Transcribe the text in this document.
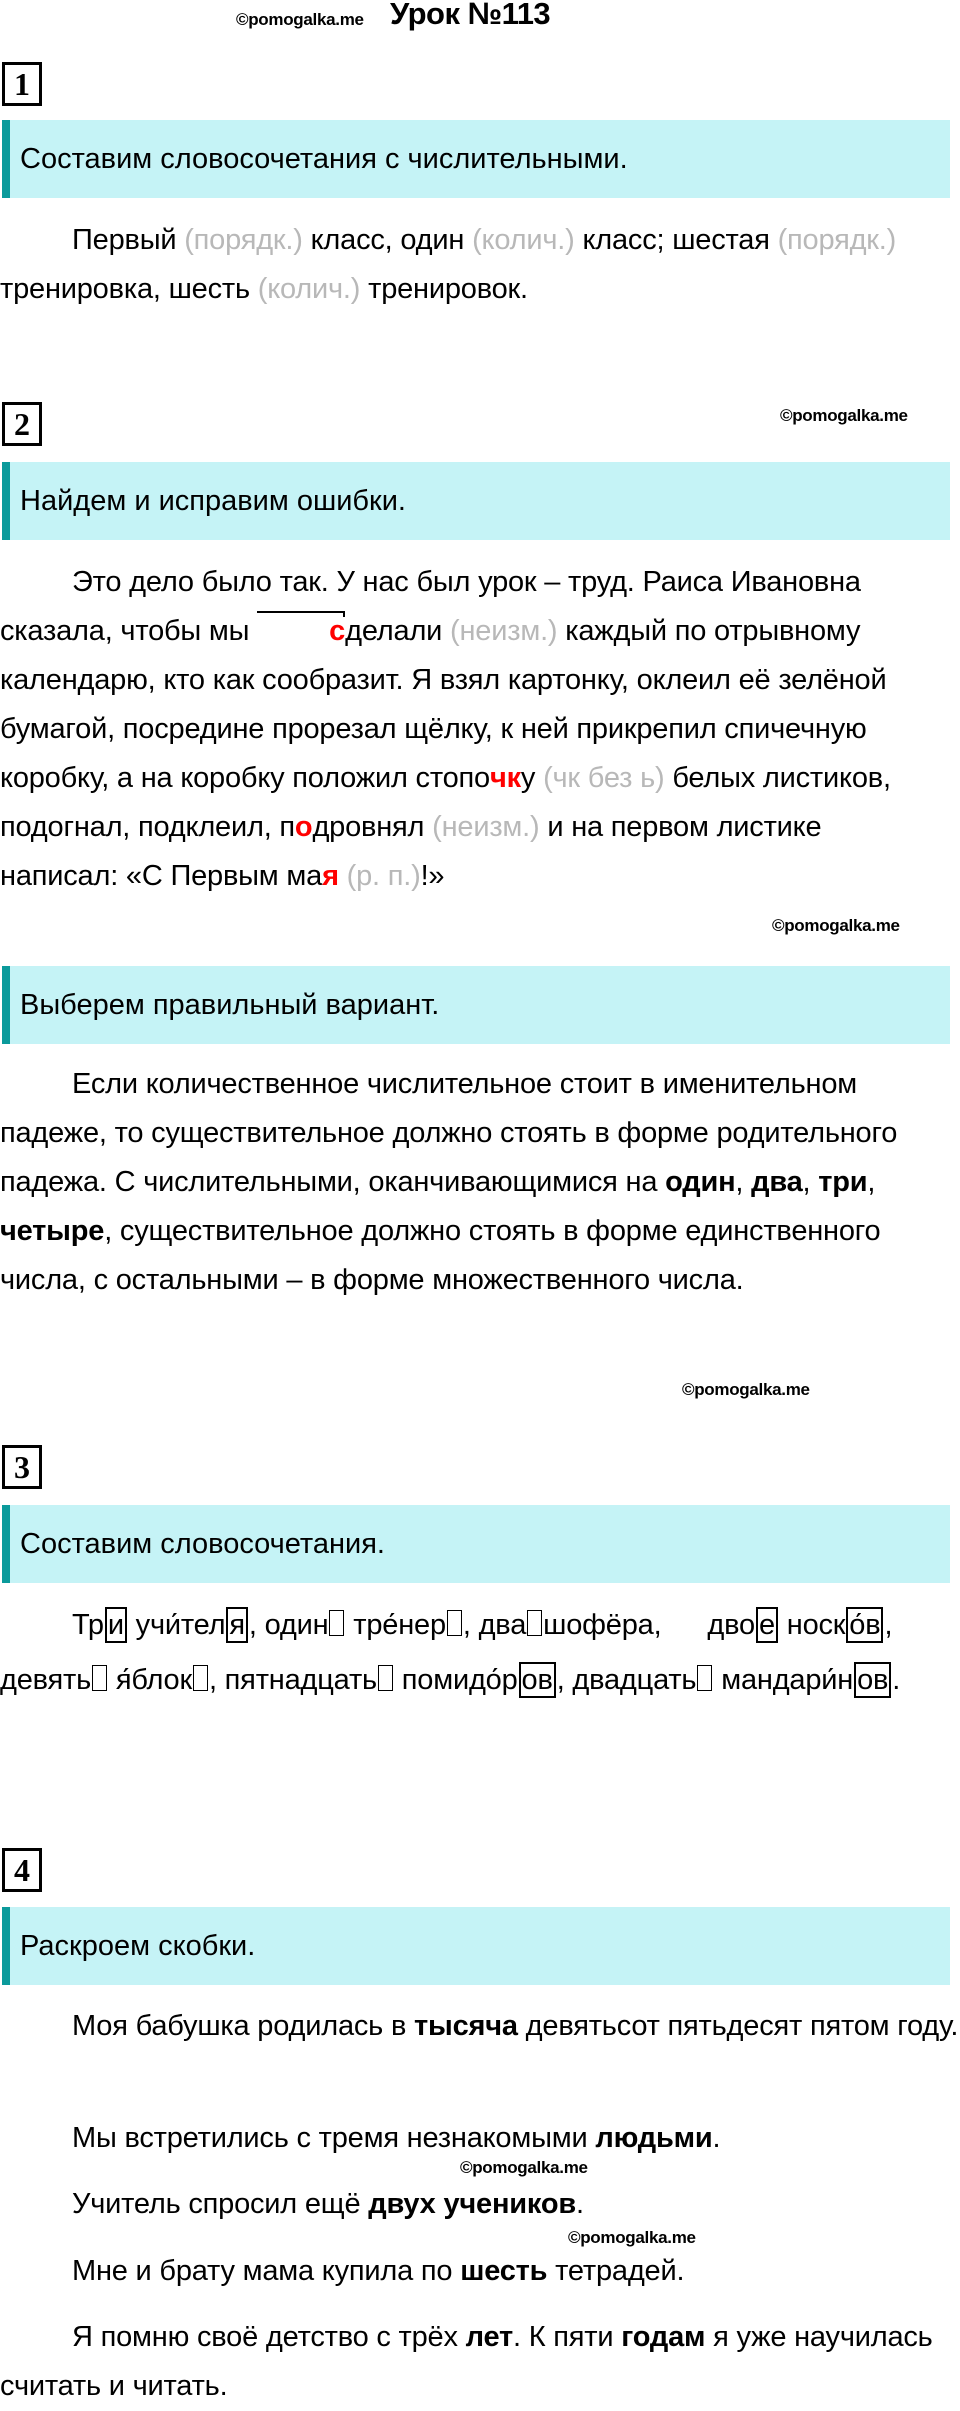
©pomogalka.me Урок №113
1
Составим словосочетания с числительными.

Первый (порядк.) класс, один (колич.) класс; шестая (порядк.) тренировка, шесть (колич.) тренировок.

2	©pomogalka.me
Найдем и исправим ошибки.

Это дело было так. У нас был урок – труд. Раиса Ивановна сказала, чтобы мы сделали (неизм.) каждый по отрывному календарю, кто как сообразит. Я взял картонку, оклеил её зелёной бумагой, посредине прорезал щёлку, к ней прикрепил спичечную коробку, а на коробку положил стопочку (чк без ь) белых листиков, подогнал, подклеил, подровнял (неизм.) и на первом листике написал: «С Первым мая (р. п.)!»

©pomogalka.me
Выберем правильный вариант.

Если количественное числительное стоит в именительном падеже, то существительное должно стоять в форме родительного падежа. С числительными, оканчивающимися на один, два, три, четыре, существительное должно стоять в форме единственного числа, с остальными – в форме множественного числа.

©pomogalka.me
3
Составим словосочетания.

Тр и учи́тел я , один тре́нер , два шофёра, дво е носк о́в , девять я́блок , пятнадцать помидо́р ов , двадцать мандари́н ов .

4
Раскроем скобки.

Моя бабушка родилась в тысяча девятьсот пятьдесят пятом году.

Мы встретились с тремя незнакомыми людьми.

©pomogalka.me

Учитель спросил ещё двух учеников.

Мне и брату мама купила по шесть тетрадей.

©pomogalka.me

Я помню своё детство с трёх лет. К пяти годам я уже научилась считать и читать.
